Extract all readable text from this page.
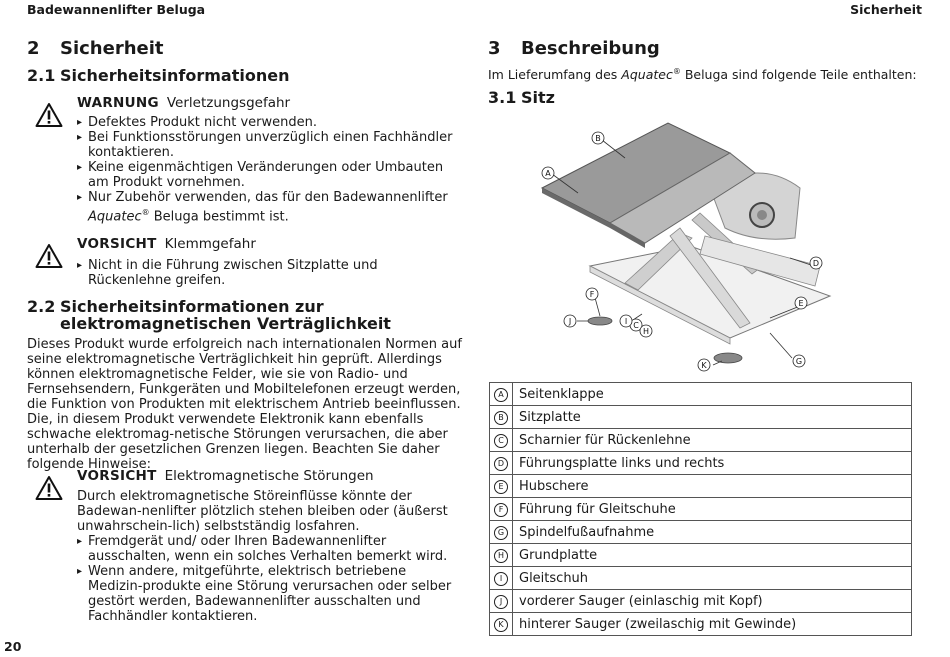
Badewannenlifter Beluga	Sicherheit
20
2 Sicherheit
2.1 Sicherheitsinformationen
WARNUNG Verletzungsgefahr
▸ Defektes Produkt nicht verwenden.
▸ Bei Funktionsstörungen unverzüglich einen Fachhändler kontaktieren.
▸ Keine eigenmächtigen Veränderungen oder Umbauten am Produkt vornehmen.
▸ Nur Zubehör verwenden, das für den Badewannenlifter
Aquatec® Beluga bestimmt ist.
VORSICHT Klemmgefahr
▸ Nicht in die Führung zwischen Sitzplatte und Rückenlehne greifen.
2.2 Sicherheitsinformationen zur
elektromagnetischen Verträglichkeit

Dieses Produkt wurde erfolgreich nach internationalen Normen auf seine elektromagnetische Verträglichkeit hin geprüft. Allerdings können elektromagnetische Felder, wie sie von Radio- und Fernsehsendern, Funkgeräten und Mobiltelefonen erzeugt werden, die Funktion von Produkten mit elektrischem Antrieb beeinflussen. Die, in diesem Produkt verwendete Elektronik kann ebenfalls schwache elektromag-netische Störungen verursachen, die aber unterhalb der gesetzlichen Grenzen liegen. Beachten Sie daher folgende Hinweise:

VORSICHT Elektromagnetische Störungen
Durch elektromagnetische Störeinflüsse könnte der Badewan-nenlifter plötzlich stehen bleiben oder (äußerst unwahrschein-lich) selbstständig losfahren.
▸ Fremdgerät und/ oder Ihren Badewannenlifter ausschalten, wenn ein solches Verhalten bemerkt wird.
▸ Wenn andere, mitgeführte, elektrisch betriebene Medizin-produkte eine Störung verursachen oder selber gestört werden, Badewannenlifter ausschalten und Fachhändler kontaktieren.
3 Beschreibung
Im Lieferumfang des Aquatec® Beluga sind folgende Teile enthalten:
3.1 Sitz
A
B
C
D
E
F
G
H
I
J
K
A	Seitenklappe
B	Sitzplatte
C	Scharnier für Rückenlehne
D	Führungsplatte links und rechts
E	Hubschere
F	Führung für Gleitschuhe
G	Spindelfußaufnahme
H	Grundplatte
I	Gleitschuh
J	vorderer Sauger (einlaschig mit Kopf)
K	hinterer Sauger (zweilaschig mit Gewinde)
